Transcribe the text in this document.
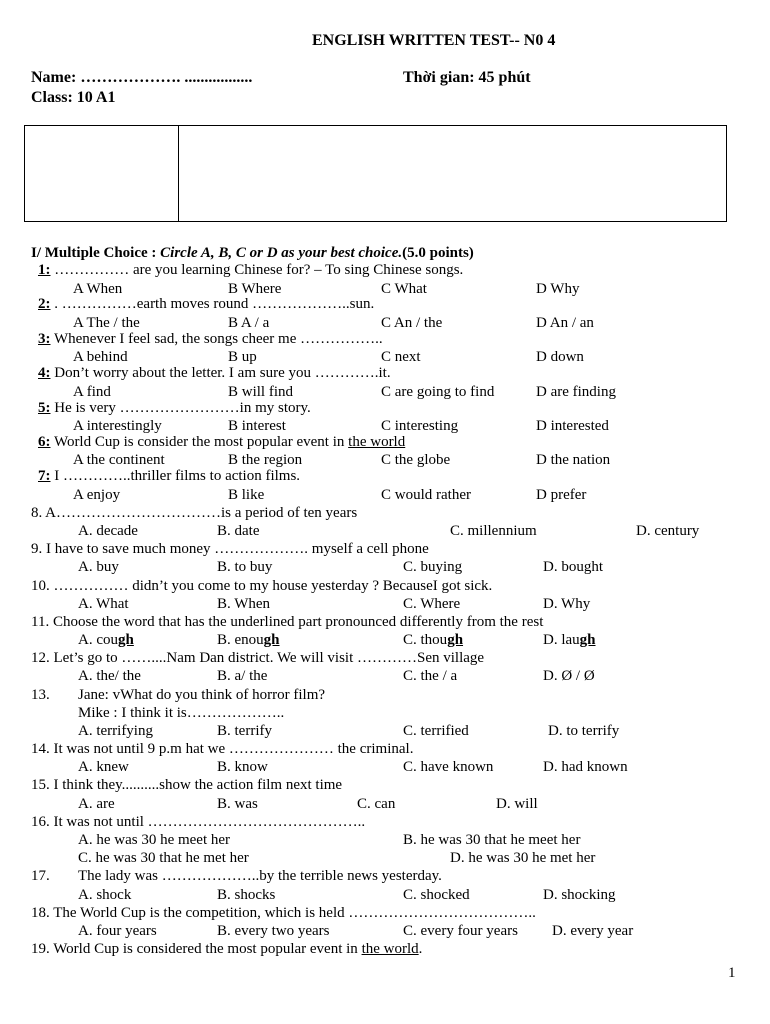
ENGLISH WRITTEN TEST-- N0 4
Name: ………………. .................	Thời gian: 45 phút
Class: 10 A1
I/ Multiple Choice : Circle A, B, C or D as your best choice.(5.0 points)
1: …………… are you learning Chinese for? – To sing Chinese songs.
A When	B Where	C What	D Why
2: . ……………earth moves round ………………..sun.
A The / the	B A / a	C An / the	D An / an
3: Whenever I feel sad, the songs cheer me ……………..
A behind	B up	C next	D down
4: Don’t worry about the letter. I am sure you ………….it.
A find	B will find	C are going to find	D are finding
5: He is very ……………………in my story.
A interestingly	B interest	C interesting	D interested
6: World Cup is consider the most popular event in the world
A the continent	B the region	C the globe	D the nation
7: I …………..thriller films to action films.
A enjoy	B like	C would rather	D prefer
8. A……………………………is a period of ten years
A. decade	B. date	C. millennium	D. century
9. I have to save much money ………………. myself a cell phone
A. buy	B. to buy	C. buying	D. bought
10. …………… didn’t you come to my house yesterday ? BecauseI got sick.
A. What	B. When	C. Where	D. Why
11. Choose the word that has the underlined part pronounced differently from the rest
A. cough	B. enough	C. though	D. laugh
12. Let’s go to ……....Nam Dan district. We will visit …………Sen village
A. the/ the	B. a/ the	C. the / a	D. Ø / Ø
13. Jane: vWhat do you think of horror film?
Mike : I think it is………………..
A. terrifying	B. terrify	C. terrified	D. to terrify
14. It was not until 9 p.m hat we ………………… the criminal.
A. knew	B. know	C. have known	D. had known
15. I think they..........show the action film next time
A. are	B. was	C. can	D. will
16. It was not until ……………………………………..
A. he was 30 he meet her	B. he was 30 that he meet her
C. he was 30 that he met her	D. he was 30 he met her
17. The lady was ………………..by the terrible news yesterday.
A. shock	B. shocks	C. shocked	D. shocking
18. The World Cup is the competition, which is held ………………………………..
A. four years	B. every two years	C. every four years D. every year
19. World Cup is considered the most popular event in the world.
1
